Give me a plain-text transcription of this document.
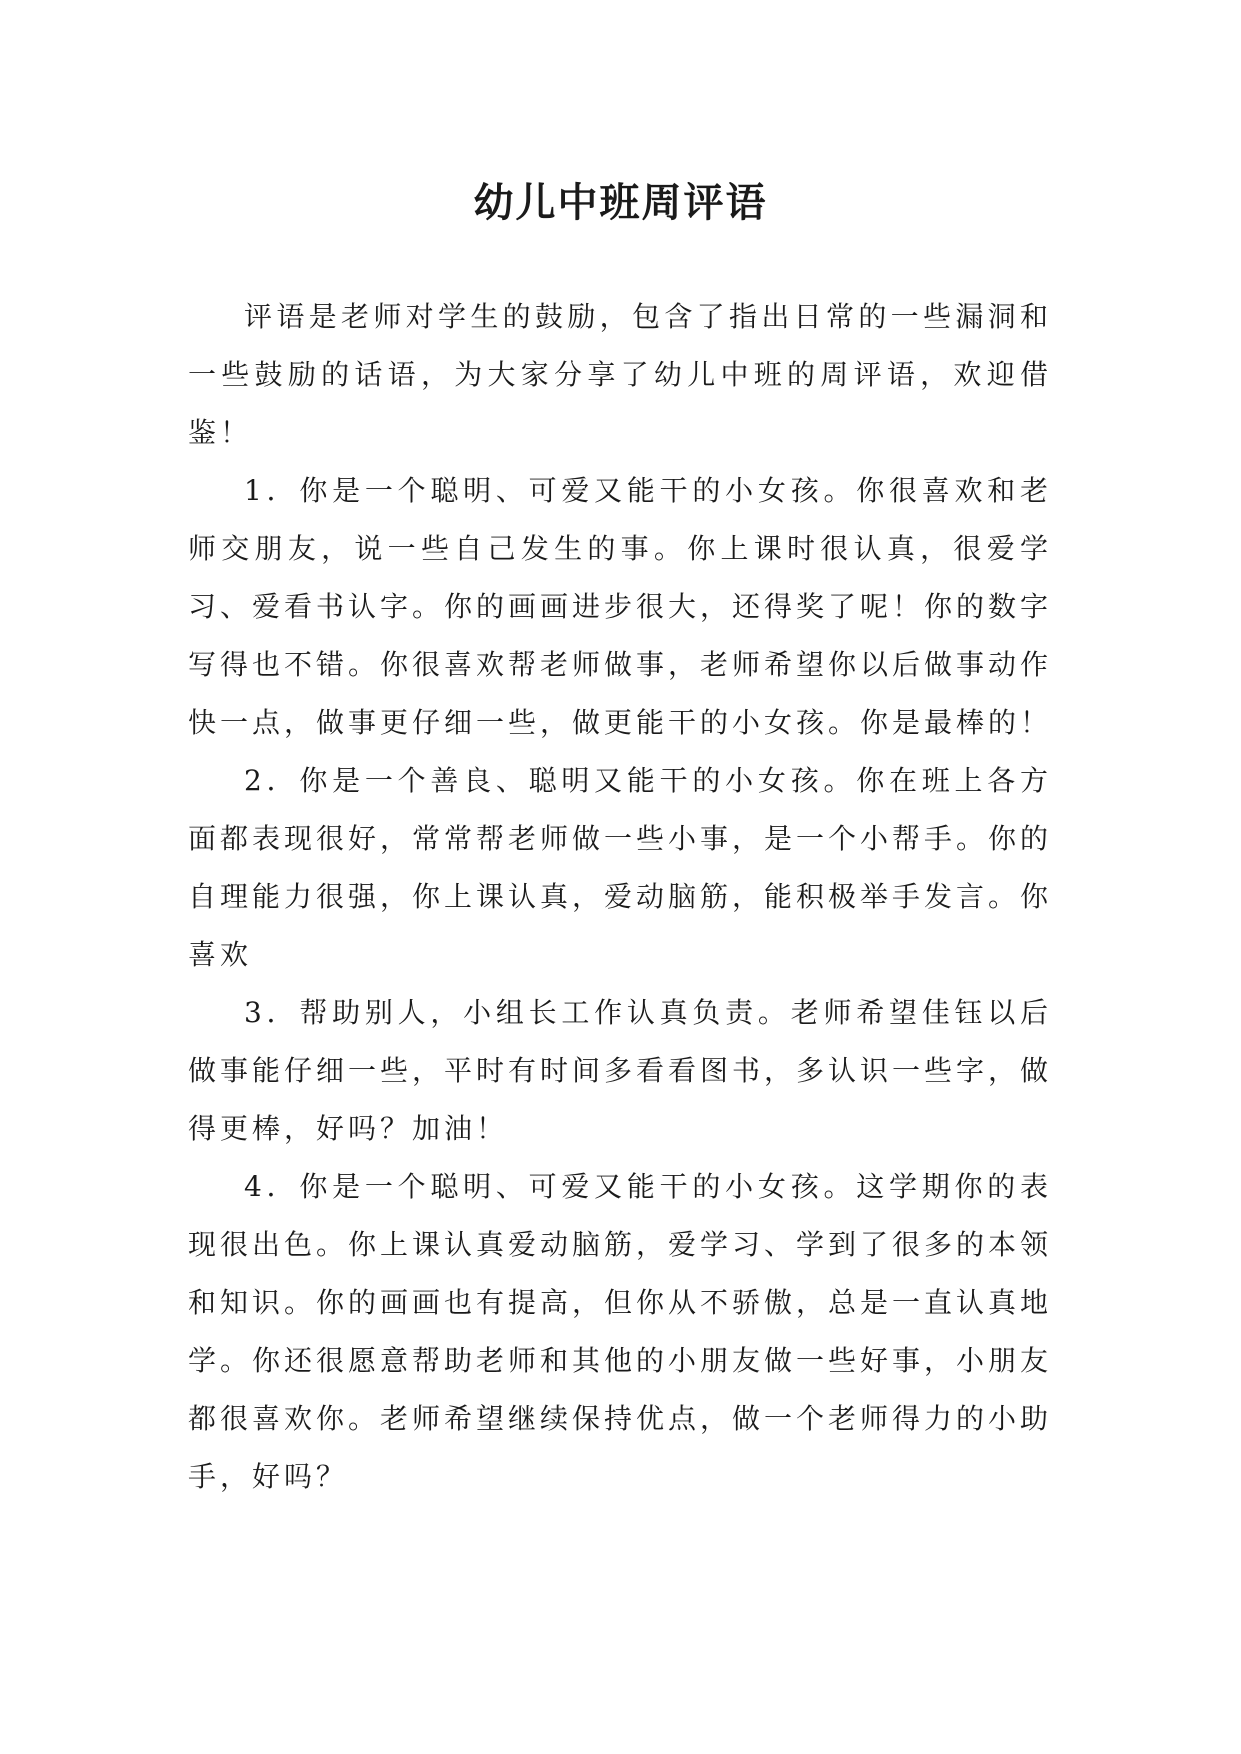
幼儿中班周评语

评语是老师对学生的鼓励，包含了指出日常的一些漏洞和一些鼓励的话语，为大家分享了幼儿中班的周评语，欢迎借鉴！

1．你是一个聪明、可爱又能干的小女孩。你很喜欢和老师交朋友，说一些自己发生的事。你上课时很认真，很爱学习、爱看书认字。你的画画进步很大，还得奖了呢！你的数字写得也不错。你很喜欢帮老师做事，老师希望你以后做事动作快一点，做事更仔细一些，做更能干的小女孩。你是最棒的！

2．你是一个善良、聪明又能干的小女孩。你在班上各方面都表现很好，常常帮老师做一些小事，是一个小帮手。你的自理能力很强，你上课认真，爱动脑筋，能积极举手发言。你喜欢

3．帮助别人，小组长工作认真负责。老师希望佳钰以后做事能仔细一些，平时有时间多看看图书，多认识一些字，做得更棒，好吗？加油！

4．你是一个聪明、可爱又能干的小女孩。这学期你的表现很出色。你上课认真爱动脑筋，爱学习、学到了很多的本领和知识。你的画画也有提高，但你从不骄傲，总是一直认真地学。你还很愿意帮助老师和其他的小朋友做一些好事，小朋友都很喜欢你。老师希望继续保持优点，做一个老师得力的小助手，好吗？
